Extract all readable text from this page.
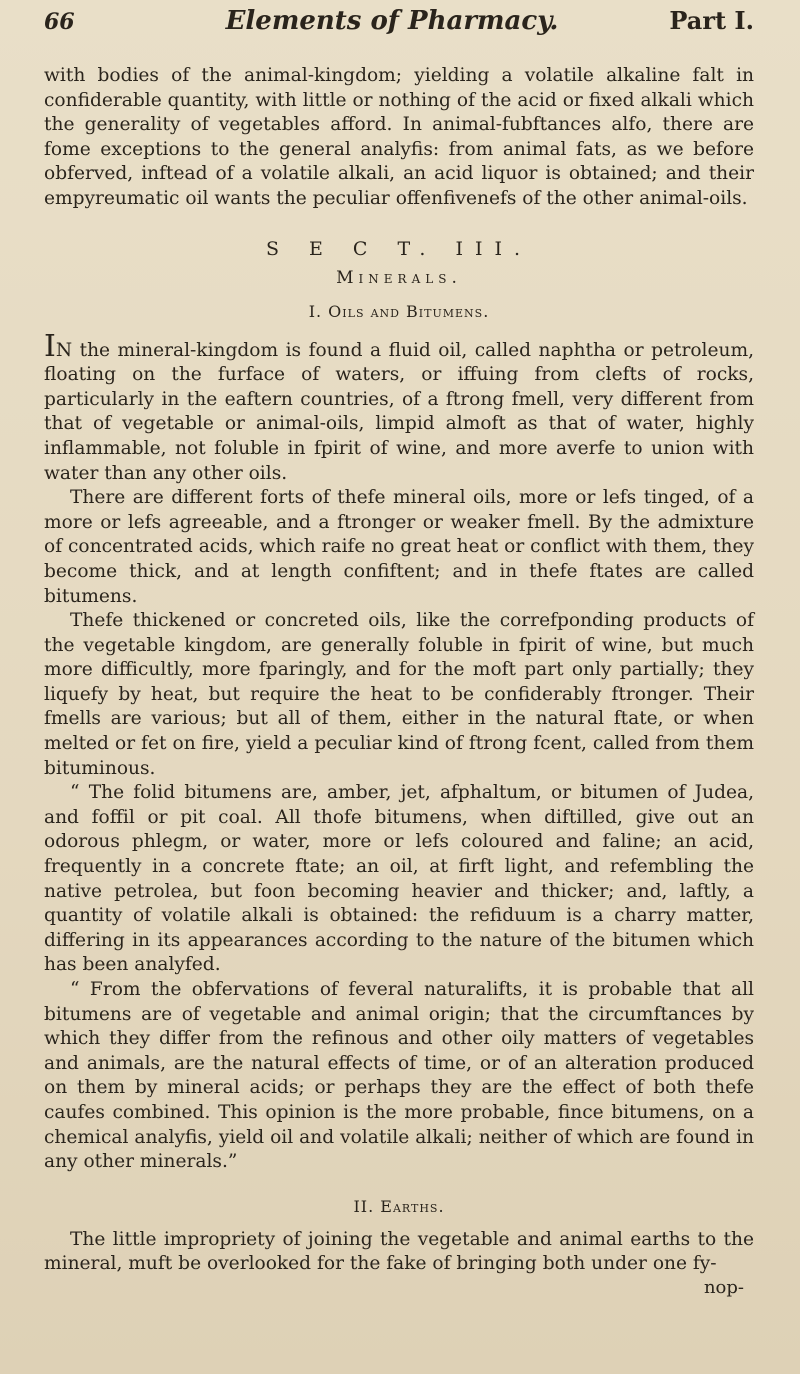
66	Elements of Pharmacy.	Part I.

with bodies of the animal-kingdom; yielding a volatile alkaline falt in confiderable quantity, with little or nothing of the acid or fixed alkali which the generality of vegetables afford. In animal-fubftances alfo, there are fome exceptions to the general analyfis: from animal fats, as we before obferved, inftead of a volatile alkali, an acid liquor is obtained; and their empyreumatic oil wants the peculiar offenfivenefs of the other animal-oils.

S E C T. III.
Minerals.
I. Oils and Bitumens.

IN the mineral-kingdom is found a fluid oil, called naphtha or petroleum, floating on the furface of waters, or iffuing from clefts of rocks, particularly in the eaftern countries, of a ftrong fmell, very different from that of vegetable or animal-oils, limpid almoft as that of water, highly inflammable, not foluble in fpirit of wine, and more averfe to union with water than any other oils.

There are different forts of thefe mineral oils, more or lefs tinged, of a more or lefs agreeable, and a ftronger or weaker fmell. By the admixture of concentrated acids, which raife no great heat or conflict with them, they become thick, and at length confiftent; and in thefe ftates are called bitumens.

Thefe thickened or concreted oils, like the correfponding products of the vegetable kingdom, are generally foluble in fpirit of wine, but much more difficultly, more fparingly, and for the moft part only partially; they liquefy by heat, but require the heat to be confiderably ftronger. Their fmells are various; but all of them, either in the natural ftate, or when melted or fet on fire, yield a peculiar kind of ftrong fcent, called from them bituminous.

“ The folid bitumens are, amber, jet, afphaltum, or bitumen of Judea, and foffil or pit coal. All thofe bitumens, when diftilled, give out an odorous phlegm, or water, more or lefs coloured and faline; an acid, frequently in a concrete ftate; an oil, at firft light, and refembling the native petrolea, but foon becoming heavier and thicker; and, laftly, a quantity of volatile alkali is obtained: the refiduum is a charry matter, differing in its appearances according to the nature of the bitumen which has been analyfed.

“ From the obfervations of feveral naturalifts, it is probable that all bitumens are of vegetable and animal origin; that the circumftances by which they differ from the refinous and other oily matters of vegetables and animals, are the natural effects of time, or of an alteration produced on them by mineral acids; or perhaps they are the effect of both thefe caufes combined. This opinion is the more probable, fince bitumens, on a chemical analyfis, yield oil and volatile alkali; neither of which are found in any other minerals.”

II. Earths.

The little impropriety of joining the vegetable and animal earths to the mineral, muft be overlooked for the fake of bringing both under one fy-

nop-
